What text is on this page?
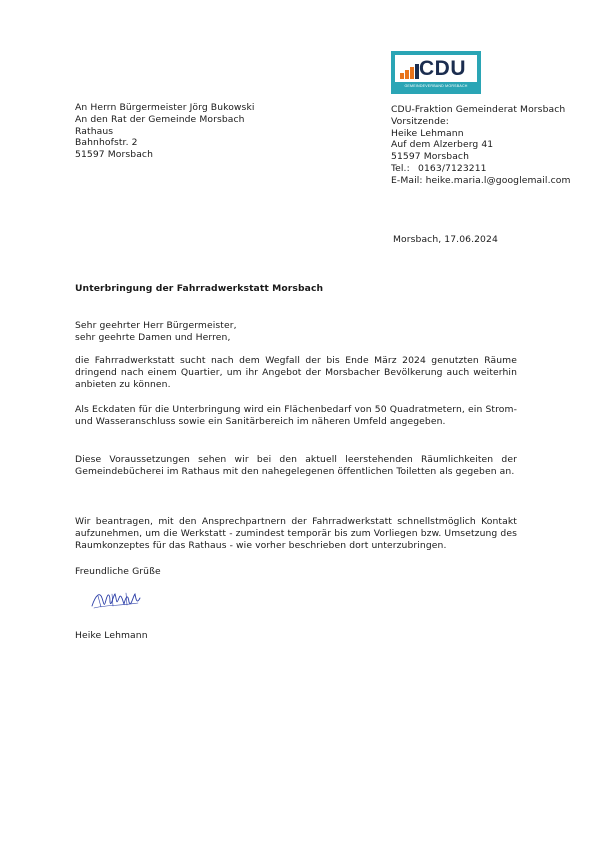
CDU
GEMEINDEVERBAND MORSBACH
An Herrn Bürgermeister Jörg Bukowski
An den Rat der Gemeinde Morsbach
Rathaus
Bahnhofstr. 2
51597 Morsbach
CDU-Fraktion Gemeinderat Morsbach
Vorsitzende:
Heike Lehmann
Auf dem Alzerberg 41
51597 Morsbach
Tel.: 0163/7123211
E-Mail: heike.maria.l@googlemail.com
Morsbach, 17.06.2024
Unterbringung der Fahrradwerkstatt Morsbach
Sehr geehrter Herr Bürgermeister,
sehr geehrte Damen und Herren,
die Fahrradwerkstatt sucht nach dem Wegfall der bis Ende März 2024 genutzten Räume dringend nach einem Quartier, um ihr Angebot der Morsbacher Bevölkerung auch weiterhin anbieten zu können.
Als Eckdaten für die Unterbringung wird ein Flächenbedarf von 50 Quadratmetern, ein Strom- und Wasseranschluss sowie ein Sanitärbereich im näheren Umfeld angegeben.
Diese Voraussetzungen sehen wir bei den aktuell leerstehenden Räumlichkeiten der Gemeindebücherei im Rathaus mit den nahegelegenen öffentlichen Toiletten als gegeben an.
Wir beantragen, mit den Ansprechpartnern der Fahrradwerkstatt schnellstmöglich Kontakt aufzunehmen, um die Werkstatt - zumindest temporär bis zum Vorliegen bzw. Umsetzung des Raumkonzeptes für das Rathaus - wie vorher beschrieben dort unterzubringen.
Freundliche Grüße
Heike Lehmann
